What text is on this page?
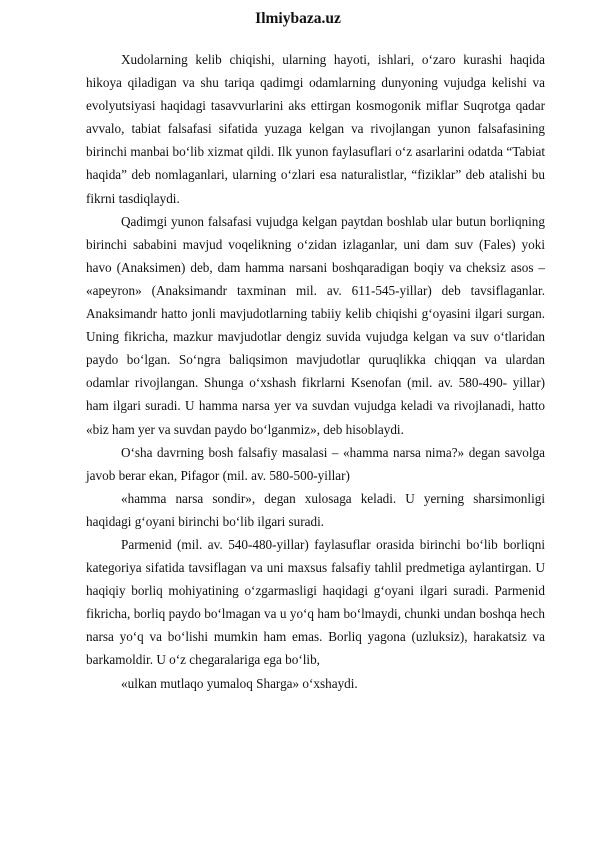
Ilmiybaza.uz

Xudolarning kelib chiqishi, ularning hayoti, ishlari, o‘zaro kurashi haqida hikoya qiladigan va shu tariqa qadimgi odamlarning dunyoning vujudga kelishi va evolyutsiyasi haqidagi tasavvurlarini aks ettirgan kosmogonik miflar Suqrotga qadar avvalo, tabiat falsafasi sifatida yuzaga kelgan va rivojlangan yunon falsafasining birinchi manbai bo‘lib xizmat qildi. Ilk yunon faylasuflari o‘z asarlarini odatda “Tabiat haqida” deb nomlaganlari, ularning o‘zlari esa naturalistlar, “fiziklar” deb atalishi bu fikrni tasdiqlaydi.

Qadimgi yunon falsafasi vujudga kelgan paytdan boshlab ular butun borliqning birinchi sababini mavjud voqelikning o‘zidan izlaganlar, uni dam suv (Fales) yoki havo (Anaksimen) deb, dam hamma narsani boshqaradigan boqiy va cheksiz asos – «apeyron» (Anaksimandr taxminan mil. av. 611-545-yillar) deb tavsiflaganlar. Anaksimandr hatto jonli mavjudotlarning tabiiy kelib chiqishi g‘oyasini ilgari surgan. Uning fikricha, mazkur mavjudotlar dengiz suvida vujudga kelgan va suv o‘tlaridan paydo bo‘lgan. So‘ngra baliqsimon mavjudotlar quruqlikka chiqqan va ulardan odamlar rivojlangan. Shunga o‘xshash fikrlarni Ksenofan (mil. av. 580-490- yillar) ham ilgari suradi. U hamma narsa yer va suvdan vujudga keladi va rivojlanadi, hatto «biz ham yer va suvdan paydo bo‘lganmiz», deb hisoblaydi.

O‘sha davrning bosh falsafiy masalasi – «hamma narsa nima?» degan savolga javob berar ekan, Pifagor (mil. av. 580-500-yillar)

«hamma narsa sondir», degan xulosaga keladi. U yerning sharsimonligi haqidagi g‘oyani birinchi bo‘lib ilgari suradi.

Parmenid (mil. av. 540-480-yillar) faylasuflar orasida birinchi bo‘lib borliqni kategoriya sifatida tavsiflagan va uni maxsus falsafiy tahlil predmetiga aylantirgan. U haqiqiy borliq mohiyatining o‘zgarmasligi haqidagi g‘oyani ilgari suradi. Parmenid fikricha, borliq paydo bo‘lmagan va u yo‘q ham bo‘lmaydi, chunki undan boshqa hech narsa yo‘q va bo‘lishi mumkin ham emas. Borliq yagona (uzluksiz), harakatsiz va barkamoldir. U o‘z chegaralariga ega bo‘lib,

«ulkan mutlaqo yumaloq Sharga» o‘xshaydi.
